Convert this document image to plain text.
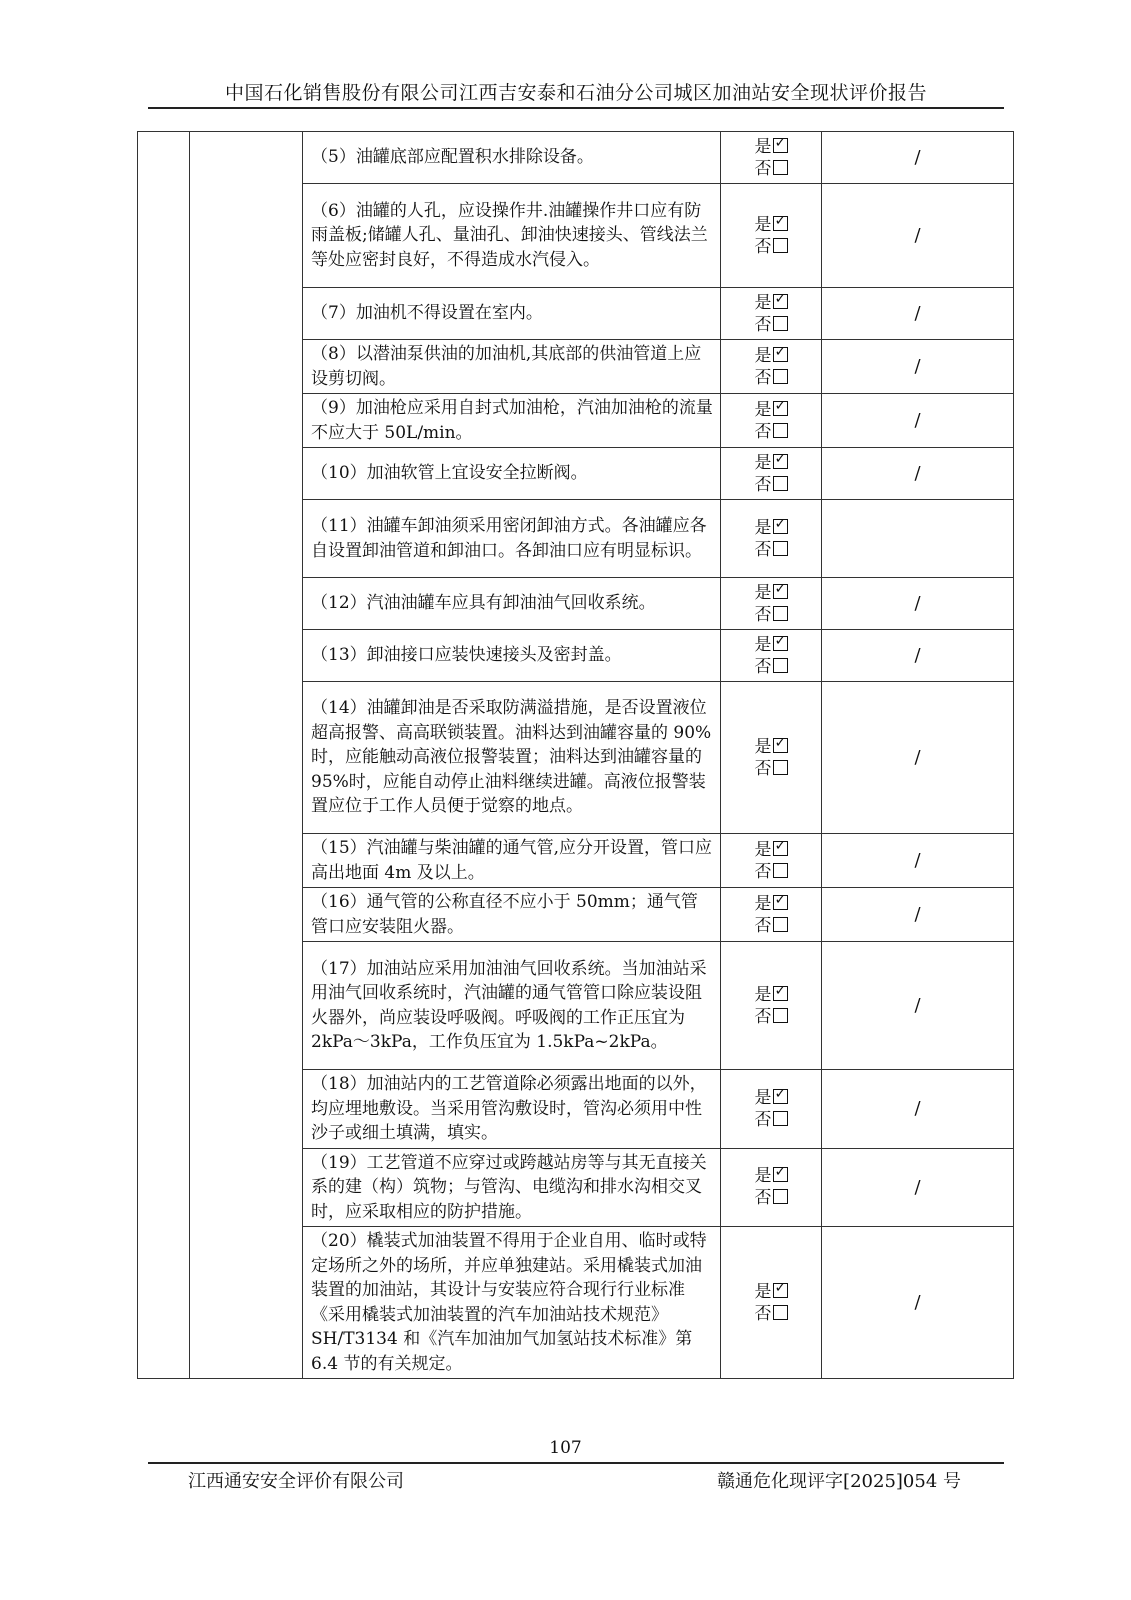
中国石化销售股份有限公司江西吉安泰和石油分公司城区加油站安全现状评价报告
		（5）油罐底部应配置积水排除设备。	是✓
否	/
		（6）油罐的人孔，应设操作井.油罐操作井口应有防雨盖板;储罐人孔、量油孔、卸油快速接头、管线法兰等处应密封良好，不得造成水汽侵入。	是✓
否	/
		（7）加油机不得设置在室内。	是✓
否	/
		（8）以潜油泵供油的加油机,其底部的供油管道上应设剪切阀。	是✓
否	/
		（9）加油枪应采用自封式加油枪，汽油加油枪的流量不应大于 50L/min。	是✓
否	/
		（10）加油软管上宜设安全拉断阀。	是✓
否	/
		（11）油罐车卸油须采用密闭卸油方式。各油罐应各自设置卸油管道和卸油口。各卸油口应有明显标识。	是✓
否

		（12）汽油油罐车应具有卸油油气回收系统。	是✓
否	/
		（13）卸油接口应装快速接头及密封盖。	是✓
否	/
		（14）油罐卸油是否采取防满溢措施，是否设置液位超高报警、高高联锁装置。油料达到油罐容量的 90%时，应能触动高液位报警装置；油料达到油罐容量的 95%时，应能自动停止油料继续进罐。高液位报警装置应位于工作人员便于觉察的地点。	是✓
否	/
		（15）汽油罐与柴油罐的通气管,应分开设置，管口应高出地面 4m 及以上。	是✓
否	/
		（16）通气管的公称直径不应小于 50mm；通气管管口应安装阻火器。	是✓
否	/
		（17）加油站应采用加油油气回收系统。当加油站采用油气回收系统时，汽油罐的通气管管口除应装设阻火器外，尚应装设呼吸阀。呼吸阀的工作正压宜为 2kPa～3kPa，工作负压宜为 1.5kPa~2kPa。	是✓
否	/
		（18）加油站内的工艺管道除必须露出地面的以外，均应埋地敷设。当采用管沟敷设时，管沟必须用中性沙子或细土填满，填实。	是✓
否	/
		（19）工艺管道不应穿过或跨越站房等与其无直接关系的建（构）筑物；与管沟、电缆沟和排水沟相交叉时，应采取相应的防护措施。	是✓
否	/
		（20）橇装式加油装置不得用于企业自用、临时或特定场所之外的场所，并应单独建站。采用橇装式加油装置的加油站，其设计与安装应符合现行行业标准《采用橇装式加油装置的汽车加油站技术规范》SH/T3134 和《汽车加油加气加氢站技术标准》第 6.4 节的有关规定。	是✓
否	/
107
江西通安安全评价有限公司	赣通危化现评字[2025]054 号
